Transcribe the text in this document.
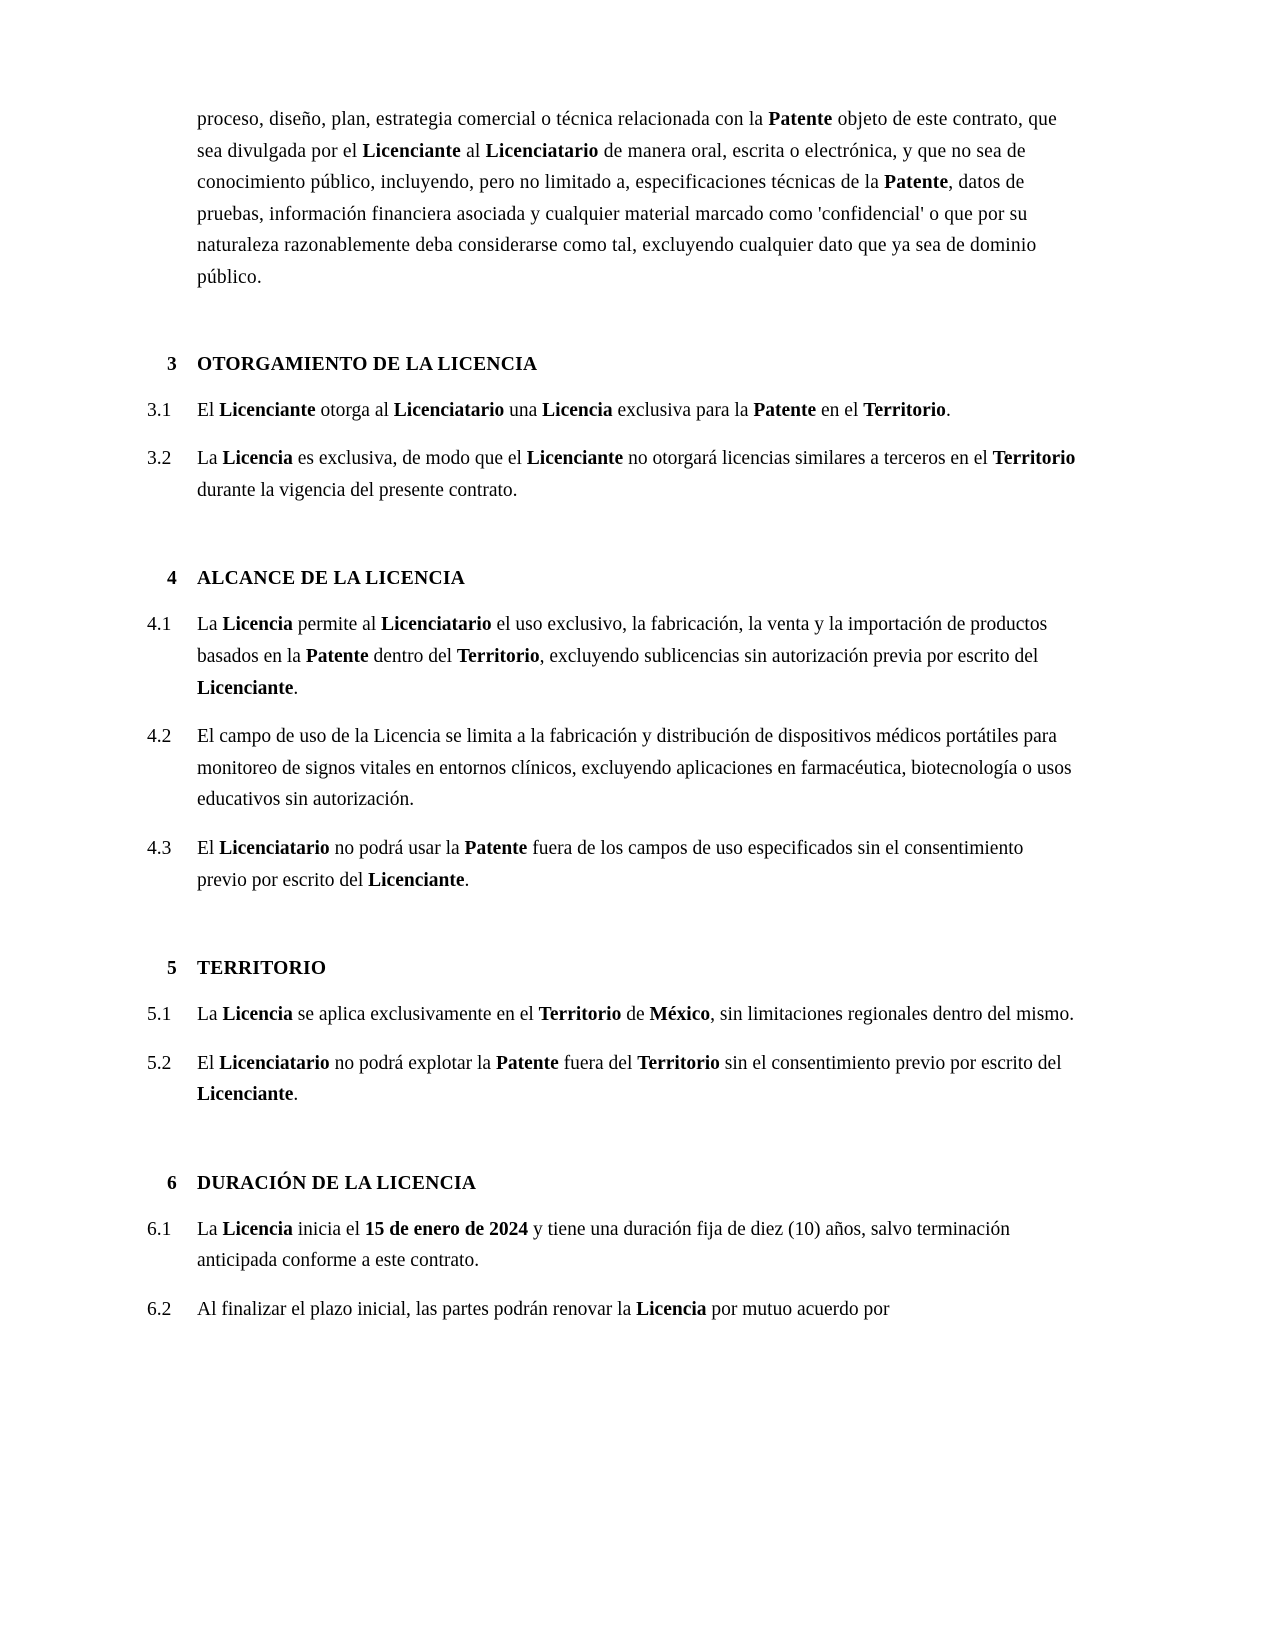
proceso, diseño, plan, estrategia comercial o técnica relacionada con la Patente objeto de este contrato, que sea divulgada por el Licenciante al Licenciatario de manera oral, escrita o electrónica, y que no sea de conocimiento público, incluyendo, pero no limitado a, especificaciones técnicas de la Patente, datos de pruebas, información financiera asociada y cualquier material marcado como 'confidencial' o que por su naturaleza razonablemente deba considerarse como tal, excluyendo cualquier dato que ya sea de dominio público.

3	OTORGAMIENTO DE LA LICENCIA
3.1	El Licenciante otorga al Licenciatario una Licencia exclusiva para la Patente en el Territorio.
3.2	La Licencia es exclusiva, de modo que el Licenciante no otorgará licencias similares a terceros en el Territorio durante la vigencia del presente contrato.
4	ALCANCE DE LA LICENCIA
4.1	La Licencia permite al Licenciatario el uso exclusivo, la fabricación, la venta y la importación de productos basados en la Patente dentro del Territorio, excluyendo sublicencias sin autorización previa por escrito del Licenciante.
4.2	El campo de uso de la Licencia se limita a la fabricación y distribución de dispositivos médicos portátiles para monitoreo de signos vitales en entornos clínicos, excluyendo aplicaciones en farmacéutica, biotecnología o usos educativos sin autorización.
4.3	El Licenciatario no podrá usar la Patente fuera de los campos de uso especificados sin el consentimiento previo por escrito del Licenciante.
5	TERRITORIO
5.1	La Licencia se aplica exclusivamente en el Territorio de México, sin limitaciones regionales dentro del mismo.
5.2	El Licenciatario no podrá explotar la Patente fuera del Territorio sin el consentimiento previo por escrito del Licenciante.
6	DURACIÓN DE LA LICENCIA
6.1	La Licencia inicia el 15 de enero de 2024 y tiene una duración fija de diez (10) años, salvo terminación anticipada conforme a este contrato.
6.2	Al finalizar el plazo inicial, las partes podrán renovar la Licencia por mutuo acuerdo por
